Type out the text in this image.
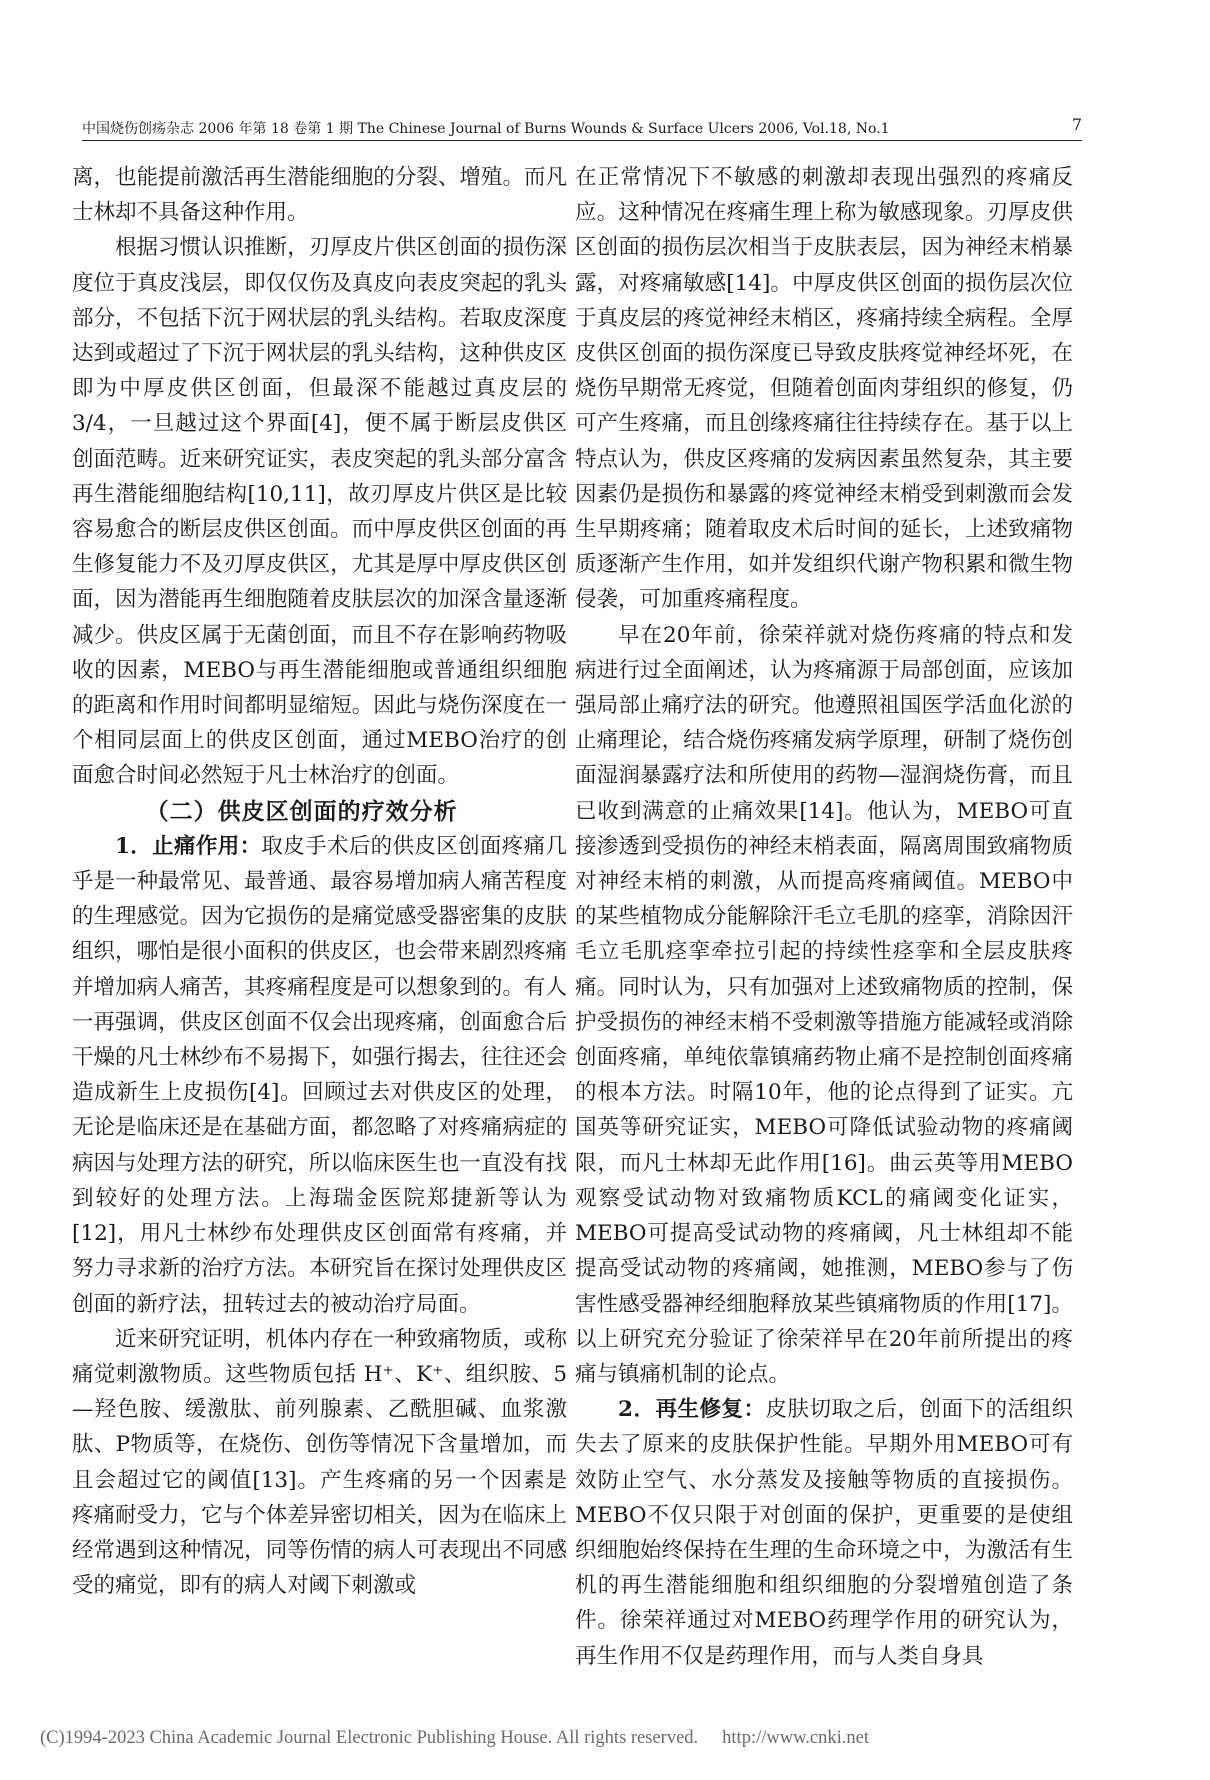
中国烧伤创疡杂志 2006 年第 18 卷第 1 期 The Chinese Journal of Burns Wounds & Surface Ulcers 2006, Vol.18, No.1	7

离，也能提前激活再生潜能细胞的分裂、增殖。而凡士林却不具备这种作用。

根据习惯认识推断，刃厚皮片供区创面的损伤深度位于真皮浅层，即仅仅伤及真皮向表皮突起的乳头部分，不包括下沉于网状层的乳头结构。若取皮深度达到或超过了下沉于网状层的乳头结构，这种供皮区即为中厚皮供区创面，但最深不能越过真皮层的3/4，一旦越过这个界面[4]，便不属于断层皮供区创面范畴。近来研究证实，表皮突起的乳头部分富含再生潜能细胞结构[10,11]，故刃厚皮片供区是比较容易愈合的断层皮供区创面。而中厚皮供区创面的再生修复能力不及刃厚皮供区，尤其是厚中厚皮供区创面，因为潜能再生细胞随着皮肤层次的加深含量逐渐减少。供皮区属于无菌创面，而且不存在影响药物吸收的因素，MEBO与再生潜能细胞或普通组织细胞的距离和作用时间都明显缩短。因此与烧伤深度在一个相同层面上的供皮区创面，通过MEBO治疗的创面愈合时间必然短于凡士林治疗的创面。

（二）供皮区创面的疗效分析

1．止痛作用：取皮手术后的供皮区创面疼痛几乎是一种最常见、最普通、最容易增加病人痛苦程度的生理感觉。因为它损伤的是痛觉感受器密集的皮肤组织，哪怕是很小面积的供皮区，也会带来剧烈疼痛并增加病人痛苦，其疼痛程度是可以想象到的。有人一再强调，供皮区创面不仅会出现疼痛，创面愈合后干燥的凡士林纱布不易揭下，如强行揭去，往往还会造成新生上皮损伤[4]。回顾过去对供皮区的处理，无论是临床还是在基础方面，都忽略了对疼痛病症的病因与处理方法的研究，所以临床医生也一直没有找到较好的处理方法。上海瑞金医院郑捷新等认为[12]，用凡士林纱布处理供皮区创面常有疼痛，并努力寻求新的治疗方法。本研究旨在探讨处理供皮区创面的新疗法，扭转过去的被动治疗局面。

近来研究证明，机体内存在一种致痛物质，或称痛觉刺激物质。这些物质包括 H⁺、K⁺、组织胺、5—羟色胺、缓激肽、前列腺素、乙酰胆碱、血浆激肽、P物质等，在烧伤、创伤等情况下含量增加，而且会超过它的阈值[13]。产生疼痛的另一个因素是疼痛耐受力，它与个体差异密切相关，因为在临床上经常遇到这种情况，同等伤情的病人可表现出不同感受的痛觉，即有的病人对阈下刺激或

在正常情况下不敏感的刺激却表现出强烈的疼痛反应。这种情况在疼痛生理上称为敏感现象。刃厚皮供区创面的损伤层次相当于皮肤表层，因为神经末梢暴露，对疼痛敏感[14]。中厚皮供区创面的损伤层次位于真皮层的疼觉神经末梢区，疼痛持续全病程。全厚皮供区创面的损伤深度已导致皮肤疼觉神经坏死，在烧伤早期常无疼觉，但随着创面肉芽组织的修复，仍可产生疼痛，而且创缘疼痛往往持续存在。基于以上特点认为，供皮区疼痛的发病因素虽然复杂，其主要因素仍是损伤和暴露的疼觉神经末梢受到刺激而会发生早期疼痛；随着取皮术后时间的延长，上述致痛物质逐渐产生作用，如并发组织代谢产物积累和微生物侵袭，可加重疼痛程度。

早在20年前，徐荣祥就对烧伤疼痛的特点和发病进行过全面阐述，认为疼痛源于局部创面，应该加强局部止痛疗法的研究。他遵照祖国医学活血化淤的止痛理论，结合烧伤疼痛发病学原理，研制了烧伤创面湿润暴露疗法和所使用的药物—湿润烧伤膏，而且已收到满意的止痛效果[14]。他认为，MEBO可直接渗透到受损伤的神经末梢表面，隔离周围致痛物质对神经末梢的刺激，从而提高疼痛阈值。MEBO中的某些植物成分能解除汗毛立毛肌的痉挛，消除因汗毛立毛肌痉挛牵拉引起的持续性痉挛和全层皮肤疼痛。同时认为，只有加强对上述致痛物质的控制，保护受损伤的神经末梢不受刺激等措施方能减轻或消除创面疼痛，单纯依靠镇痛药物止痛不是控制创面疼痛的根本方法。时隔10年，他的论点得到了证实。亢国英等研究证实，MEBO可降低试验动物的疼痛阈限，而凡士林却无此作用[16]。曲云英等用MEBO观察受试动物对致痛物质KCL的痛阈变化证实，MEBO可提高受试动物的疼痛阈，凡士林组却不能提高受试动物的疼痛阈，她推测，MEBO参与了伤害性感受器神经细胞释放某些镇痛物质的作用[17]。以上研究充分验证了徐荣祥早在20年前所提出的疼痛与镇痛机制的论点。

2．再生修复：皮肤切取之后，创面下的活组织失去了原来的皮肤保护性能。早期外用MEBO可有效防止空气、水分蒸发及接触等物质的直接损伤。MEBO不仅只限于对创面的保护，更重要的是使组织细胞始终保持在生理的生命环境之中，为激活有生机的再生潜能细胞和组织细胞的分裂增殖创造了条件。徐荣祥通过对MEBO药理学作用的研究认为，再生作用不仅是药理作用，而与人类自身具

(C)1994-2023 China Academic Journal Electronic Publishing House. All rights reserved. http://www.cnki.net
